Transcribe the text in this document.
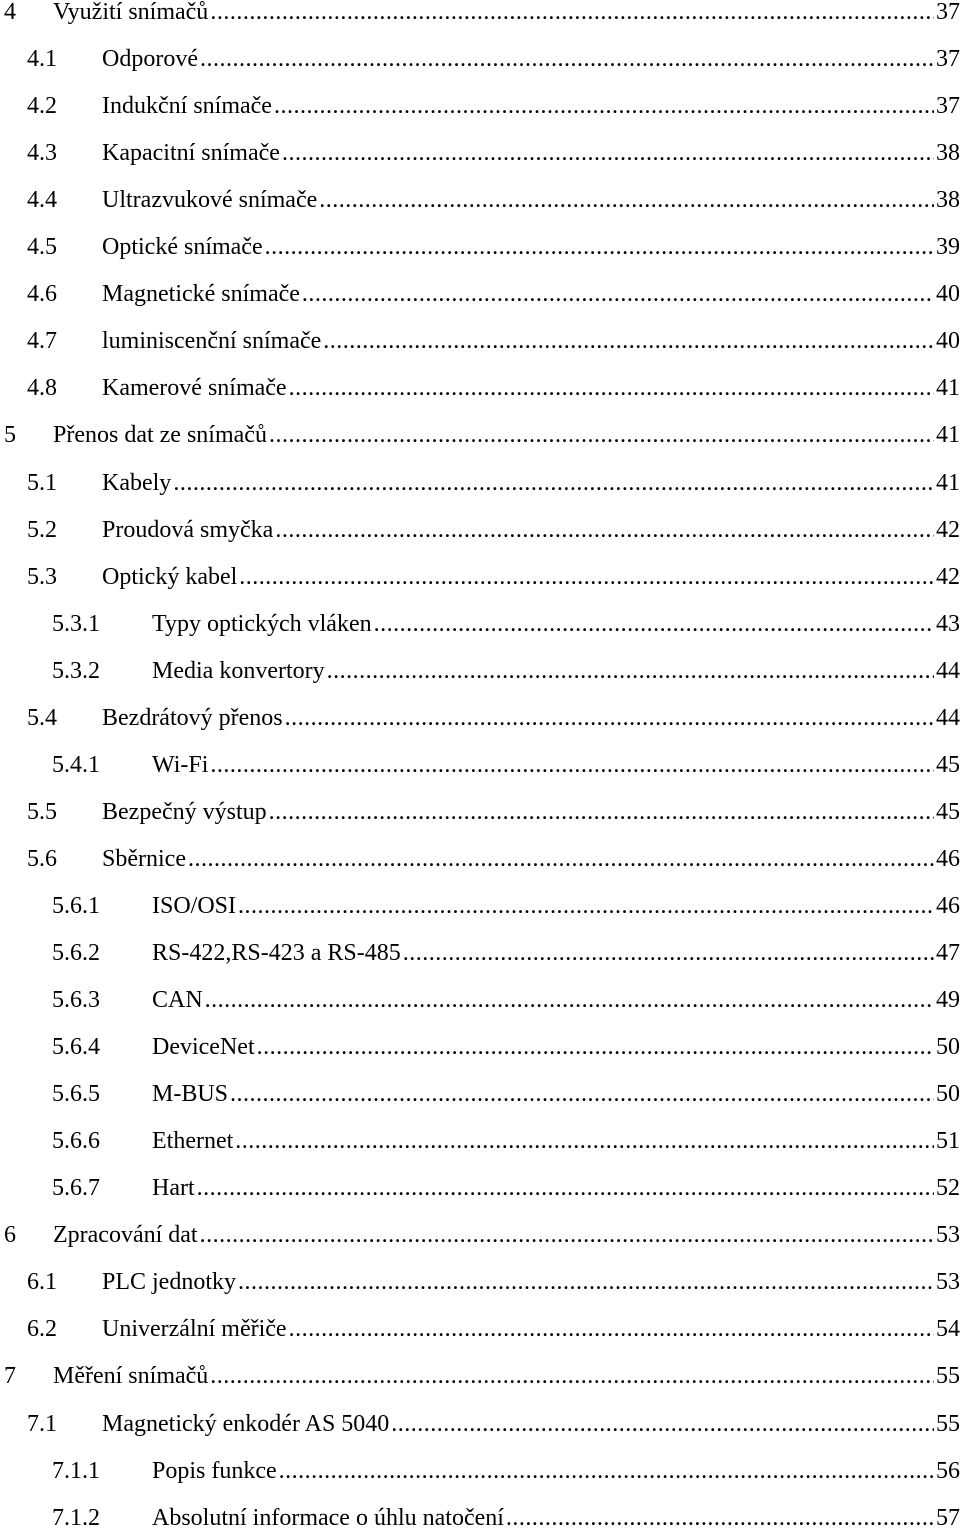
4 Využití snímačů .....	37
4.1 Odporové .....	37
4.2 Indukční snímače .....	37
4.3 Kapacitní snímače .....	38
4.4 Ultrazvukové snímače .....	38
4.5 Optické snímače .....	39
4.6 Magnetické snímače .....	40
4.7 luminiscenční snímače .....	40
4.8 Kamerové snímače .....	41
5 Přenos dat ze snímačů .....	41
5.1 Kabely .....	41
5.2 Proudová smyčka .....	42
5.3 Optický kabel .....	42
5.3.1 Typy optických vláken .....	43
5.3.2 Media konvertory .....	44
5.4 Bezdrátový přenos .....	44
5.4.1 Wi-Fi .....	45
5.5 Bezpečný výstup .....	45
5.6 Sběrnice .....	46
5.6.1 ISO/OSI .....	46
5.6.2 RS-422,RS-423 a RS-485 .....	47
5.6.3 CAN .....	49
5.6.4 DeviceNet .....	50
5.6.5 M-BUS .....	50
5.6.6 Ethernet .....	51
5.6.7 Hart .....	52
6 Zpracování dat .....	53
6.1 PLC jednotky .....	53
6.2 Univerzální měřiče .....	54
7 Měření snímačů .....	55
7.1 Magnetický enkodér AS 5040 .....	55
7.1.1 Popis funkce .....	56
7.1.2 Absolutní informace o úhlu natočení .....	57
